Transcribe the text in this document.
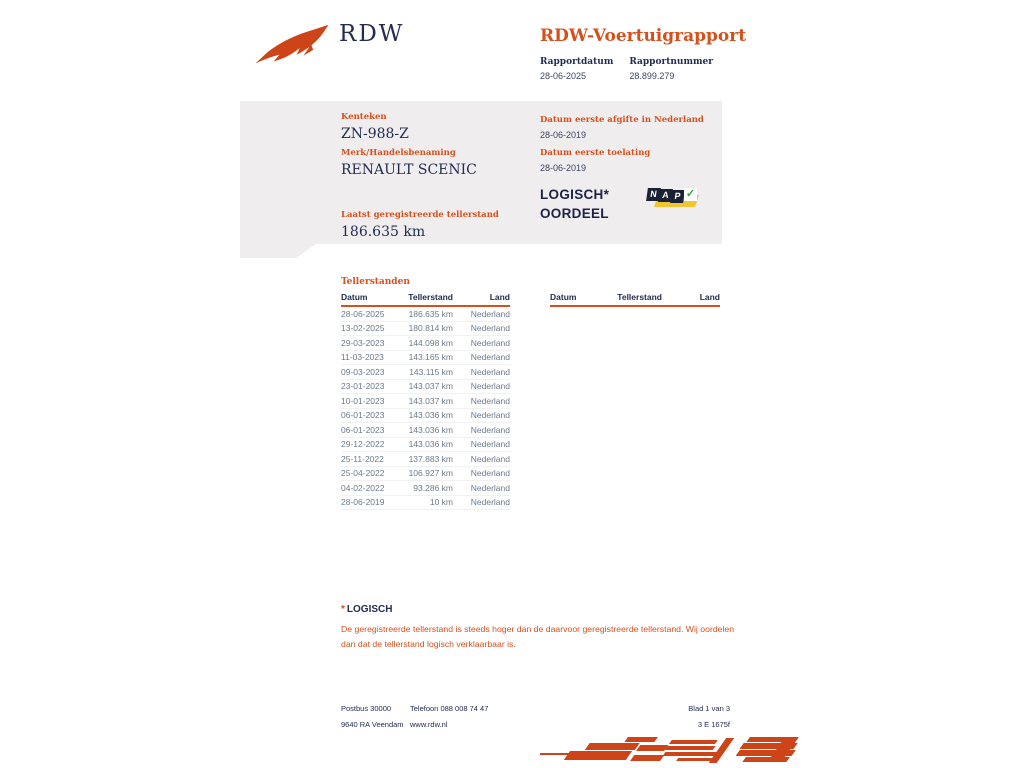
RDW	RDW-Voertuigrapport
Rapportdatum
28-06-2025
Rapportnummer
28.899.279
Kenteken
ZN-988-Z
Merk/Handelsbenaming
RENAULT SCENIC
Laatst geregistreerde tellerstand
186.635 km
Datum eerste afgifte in Nederland
28-06-2019
Datum eerste toelating
28-06-2019
LOGISCH*
OORDEEL
N A P ✓
Tellerstanden
Datum	Tellerstand	Land
28-06-2025	186.635 km	Nederland
13-02-2025	180.814 km	Nederland
29-03-2023	144.098 km	Nederland
11-03-2023	143.165 km	Nederland
09-03-2023	143.115 km	Nederland
23-01-2023	143.037 km	Nederland
10-01-2023	143.037 km	Nederland
06-01-2023	143.036 km	Nederland
06-01-2023	143.036 km	Nederland
29-12-2022	143.036 km	Nederland
25-11-2022	137.883 km	Nederland
25-04-2022	106.927 km	Nederland
04-02-2022	93.286 km	Nederland
28-06-2019	10 km	Nederland
Datum	Tellerstand	Land
* LOGISCH
De geregistreerde tellerstand is steeds hoger dan de daarvoor geregistreerde tellerstand. Wij oordelen dan dat de tellerstand logisch verklaarbaar is.
Postbus 30000
9640 RA Veendam
Telefoon 088 008 74 47
www.rdw.nl
Blad 1 van 3
3 E 1675f
